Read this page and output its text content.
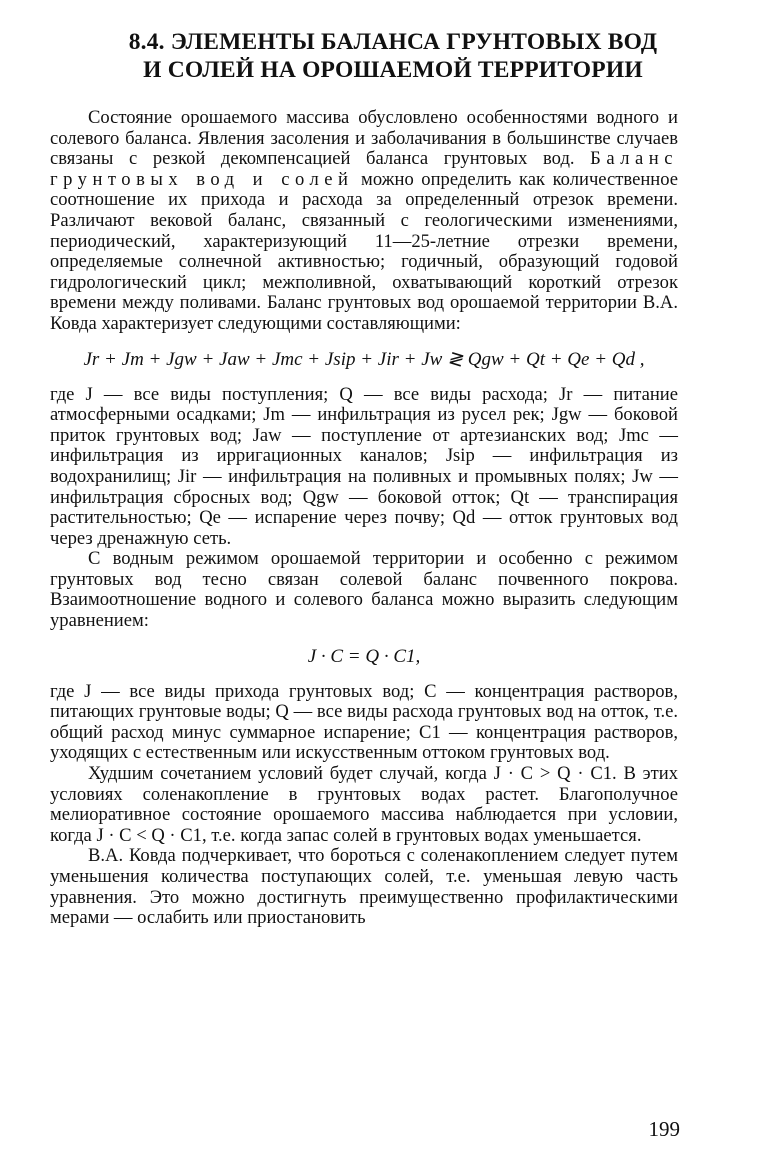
8.4. ЭЛЕМЕНТЫ БАЛАНСА ГРУНТОВЫХ ВОД
И СОЛЕЙ НА ОРОШАЕМОЙ ТЕРРИТОРИИ

Состояние орошаемого массива обусловлено особенностями водного и солевого баланса. Явления засоления и заболачивания в большинстве случаев связаны с резкой декомпенсацией баланса грунтовых вод. Баланс грунтовых вод и солей можно определить как количественное соотношение их прихода и расхода за определенный отрезок времени. Различают вековой баланс, связанный с геологическими изменениями, периодический, характеризующий 11—25-летние отрезки времени, определяемые солнечной активностью; годичный, образующий годовой гидрологический цикл; межполивной, охватывающий короткий отрезок времени между поливами. Баланс грунтовых вод орошаемой территории В.А. Ковда характеризует следующими составляющими:

Jr + Jm + Jgw + Jaw + Jmc + Jsip + Jir + Jw ≷ Qgw + Qt + Qe + Qd ,

где J — все виды поступления; Q — все виды расхода; Jr — питание атмосферными осадками; Jm — инфильтрация из русел рек; Jgw — боковой приток грунтовых вод; Jaw — поступление от артезианских вод; Jmc — инфильтрация из ирригационных каналов; Jsip — инфильтрация из водохранилищ; Jir — инфильтрация на поливных и промывных полях; Jw — инфильтрация сбросных вод; Qgw — боковой отток; Qt — транспирация растительностью; Qe — испарение через почву; Qd — отток грунтовых вод через дренажную сеть.

С водным режимом орошаемой территории и особенно с режимом грунтовых вод тесно связан солевой баланс почвенного покрова. Взаимоотношение водного и солевого баланса можно выразить следующим уравнением:

J · C = Q · C1,

где J — все виды прихода грунтовых вод; C — концентрация растворов, питающих грунтовые воды; Q — все виды расхода грунтовых вод на отток, т.е. общий расход минус суммарное испарение; C1 — концентрация растворов, уходящих с естественным или искусственным оттоком грунтовых вод.

Худшим сочетанием условий будет случай, когда J · C > Q · C1. В этих условиях соленакопление в грунтовых водах растет. Благополучное мелиоративное состояние орошаемого массива наблюдается при условии, когда J · C < Q · C1, т.е. когда запас солей в грунтовых водах уменьшается.

В.А. Ковда подчеркивает, что бороться с соленакоплением следует путем уменьшения количества поступающих солей, т.е. уменьшая левую часть уравнения. Это можно достигнуть преимущественно профилактическими мерами — ослабить или приостановить

199
